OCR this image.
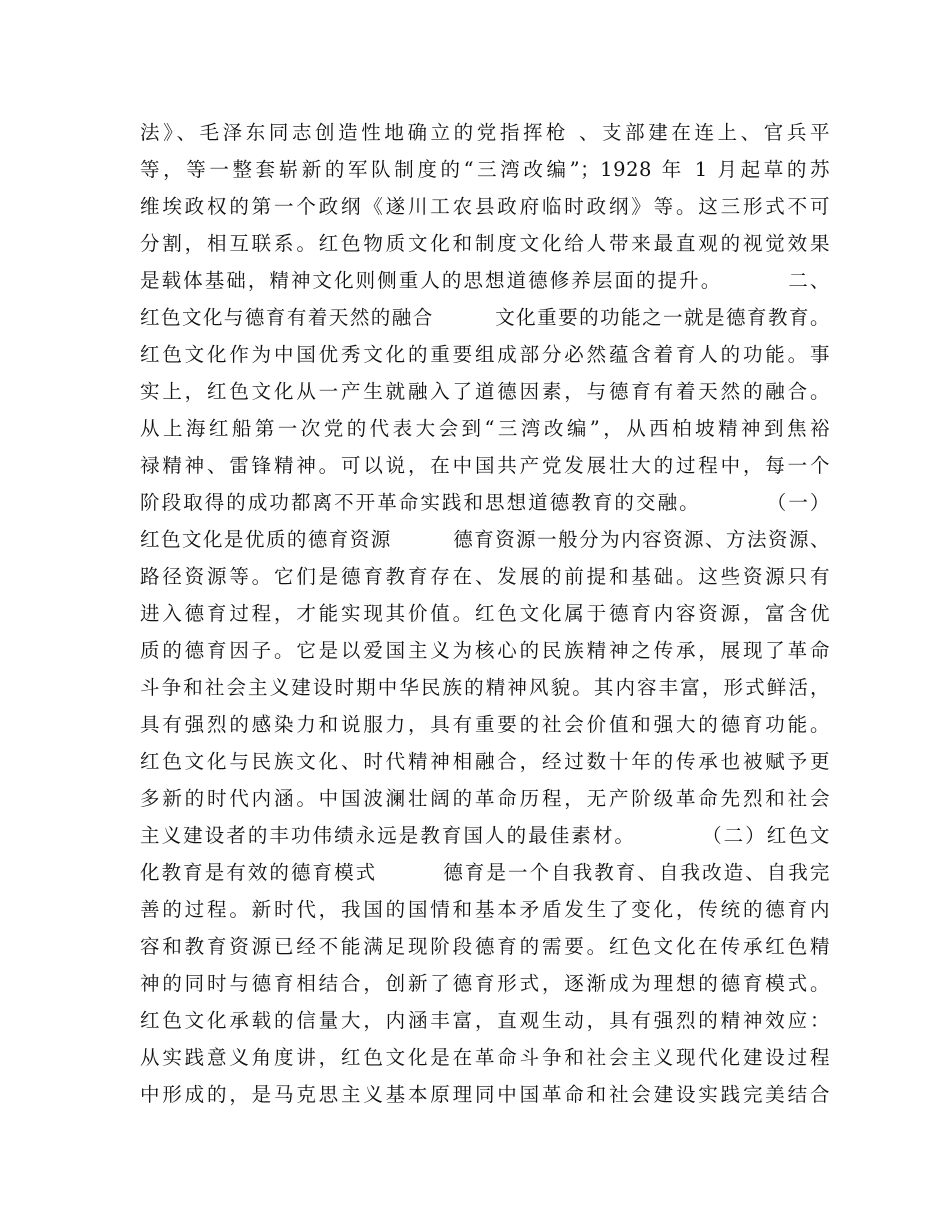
法》、毛泽东同志创造性地确立的党指挥枪 、支部建在连上、官兵平
等，等一整套崭新的军队制度的“三湾改编”；1928 年 1 月起草的苏
维埃政权的第一个政纲《遂川工农县政府临时政纲》等。这三形式不可
分割，相互联系。红色物质文化和制度文化给人带来最直观的视觉效果
是载体基础，精神文化则侧重人的思想道德修养层面的提升。        二、
红色文化与德育有着天然的融合        文化重要的功能之一就是德育教育。
红色文化作为中国优秀文化的重要组成部分必然蕴含着育人的功能。事
实上，红色文化从一产生就融入了道德因素，与德育有着天然的融合。
从上海红船第一次党的代表大会到“三湾改编”，从西柏坡精神到焦裕
禄精神、雷锋精神。可以说，在中国共产党发展壮大的过程中，每一个
阶段取得的成功都离不开革命实践和思想道德教育的交融。        （一）
红色文化是优质的德育资源        德育资源一般分为内容资源、方法资源、
路径资源等。它们是德育教育存在、发展的前提和基础。这些资源只有
进入德育过程，才能实现其价值。红色文化属于德育内容资源，富含优
质的德育因子。它是以爱国主义为核心的民族精神之传承，展现了革命
斗争和社会主义建设时期中华民族的精神风貌。其内容丰富，形式鲜活，
具有强烈的感染力和说服力，具有重要的社会价值和强大的德育功能。
红色文化与民族文化、时代精神相融合，经过数十年的传承也被赋予更
多新的时代内涵。中国波澜壮阔的革命历程，无产阶级革命先烈和社会
主义建设者的丰功伟绩永远是教育国人的最佳素材。        （二）红色文
化教育是有效的德育模式        德育是一个自我教育、自我改造、自我完
善的过程。新时代，我国的国情和基本矛盾发生了变化，传统的德育内
容和教育资源已经不能满足现阶段德育的需要。红色文化在传承红色精
神的同时与德育相结合，创新了德育形式，逐渐成为理想的德育模式。
红色文化承载的信量大，内涵丰富，直观生动，具有强烈的精神效应：
从实践意义角度讲，红色文化是在革命斗争和社会主义现代化建设过程
中形成的，是马克思主义基本原理同中国革命和社会建设实践完美结合
